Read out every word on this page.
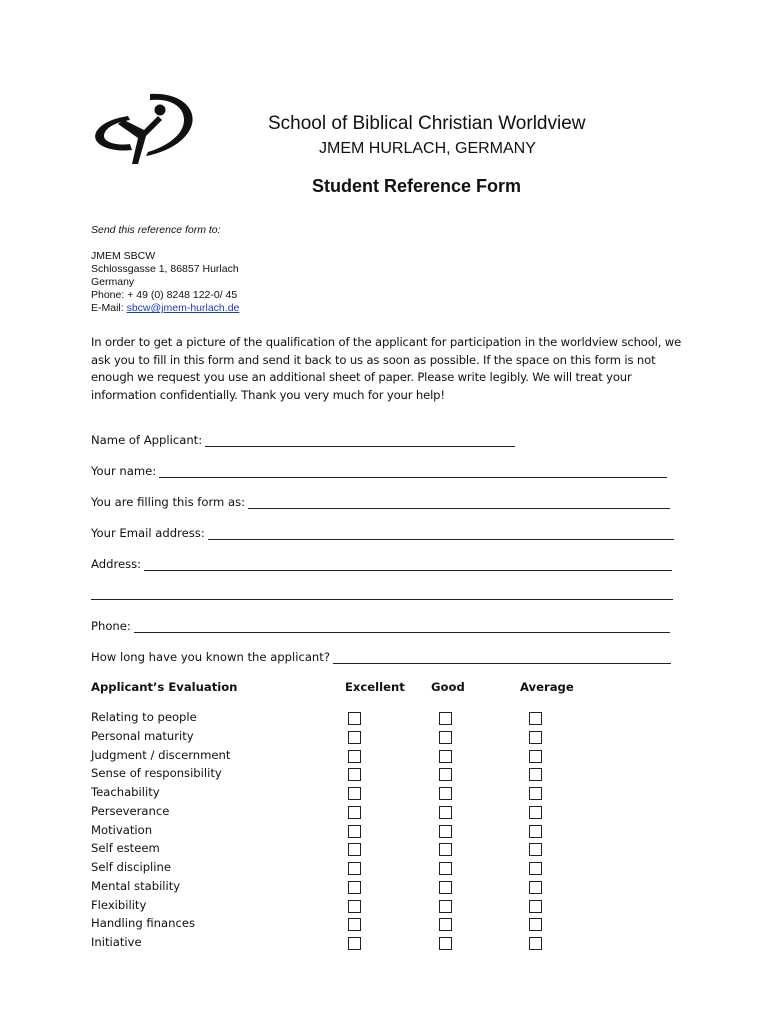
School of Biblical Christian Worldview
JMEM HURLACH, GERMANY
Student Reference Form
Send this reference form to:
JMEM SBCW
Schlossgasse 1, 86857 Hurlach
Germany
Phone: + 49 (0) 8248 122-0/ 45
E-Mail: sbcw@jmem-hurlach.de
In order to get a picture of the qualification of the applicant for participation in the worldview school, we ask you to fill in this form and send it back to us as soon as possible. If the space on this form is not enough we request you use an additional sheet of paper. Please write legibly. We will treat your information confidentially. Thank you very much for your help!
Name of Applicant:
Your name:
You are filling this form as:
Your Email address:
Address:
Phone:
How long have you known the applicant?
Applicant’s Evaluation	Excellent Good	Average
Relating to people
Personal maturity
Judgment / discernment
Sense of responsibility
Teachability
Perseverance
Motivation
Self esteem
Self discipline
Mental stability
Flexibility
Handling finances
Initiative
